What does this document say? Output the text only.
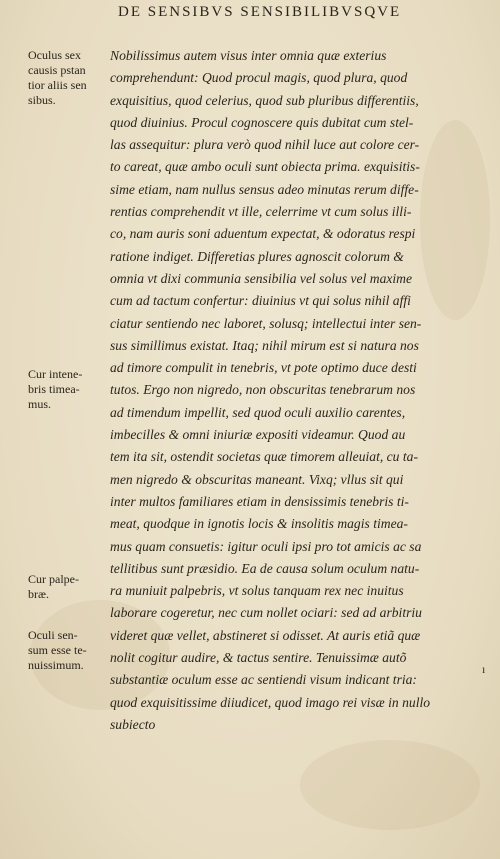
DE SENSIBVS SENSIBILIBVSQVE
Oculus sex
causis pstan
tior aliis sen
sibus.
Cur intene-
bris timea-
mus.
Cur palpe-
bræ.
Oculi sen-
sum esse te-
nuissimum.
Nobilissimus autem visus inter omnia quæ exterius
comprehendunt: Quod procul magis, quod plura, quod
exquisitius, quod celerius, quod sub pluribus differentiis,
quod diuinius. Procul cognoscere quis dubitat cum stel-
las assequitur: plura verò quod nihil luce aut colore cer-
to careat, quæ ambo oculi sunt obiecta prima. exquisitis-
sime etiam, nam nullus sensus adeo minutas rerum diffe-
rentias comprehendit vt ille, celerrime vt cum solus illi-
co, nam auris soni aduentum expectat, & odoratus respi
ratione indiget. Differetias plures agnoscit colorum &
omnia vt dixi communia sensibilia vel solus vel maxime
cum ad tactum confertur: diuinius vt qui solus nihil affi
ciatur sentiendo nec laboret, solusq; intellectui inter sen-
sus simillimus existat. Itaq; nihil mirum est si natura nos
ad timore compulit in tenebris, vt pote optimo duce desti
tutos. Ergo non nigredo, non obscuritas tenebrarum nos
ad timendum impellit, sed quod oculi auxilio carentes,
imbecilles & omni iniuriæ expositi videamur. Quod au
tem ita sit, ostendit societas quæ timorem alleuiat, cu ta-
men nigredo & obscuritas maneant. Vixq; vllus sit qui
inter multos familiares etiam in densissimis tenebris ti-
meat, quodque in ignotis locis & insolitis magis timea-
mus quam consuetis: igitur oculi ipsi pro tot amicis ac sa
tellitibus sunt præsidio. Ea de causa solum oculum natu-
ra muniuit palpebris, vt solus tanquam rex nec inuitus
laborare cogeretur, nec cum nollet ociari: sed ad arbitriu
videret quæ vellet, abstineret si odisset. At auris etiã quæ
nolit cogitur audire, & tactus sentire. Tenuissimæ autõ
substantiæ oculum esse ac sentiendi visum indicant tria:
quod exquisitissime diiudicet, quod imago rei visæ in nullo
subiecto
ı
